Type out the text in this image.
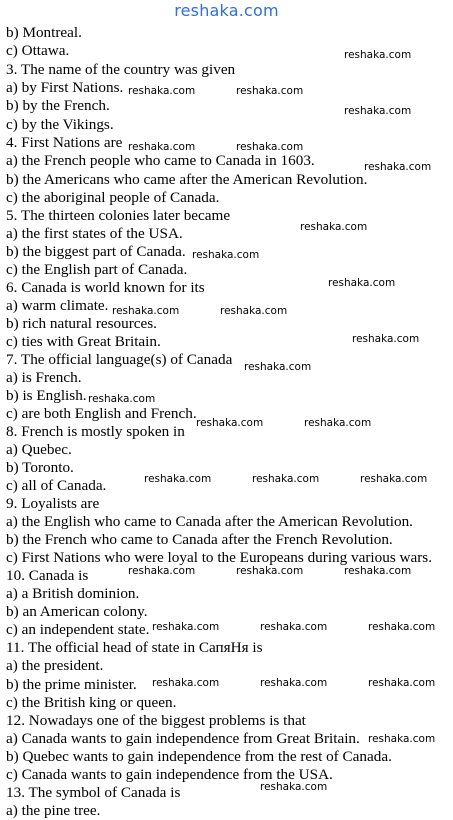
reshaka.com
b) Montreal.
c) Ottawa.
3. The name of the country was given
a) by First Nations.
b) by the French.
c) by the Vikings.
4. First Nations are
a) the French people who came to Canada in 1603.
b) the Americans who came after the American Revolution.
c) the aboriginal people of Canada.
5. The thirteen colonies later became
a) the first states of the USA.
b) the biggest part of Canada.
c) the English part of Canada.
6. Canada is world known for its
a) warm climate.
b) rich natural resources.
c) ties with Great Britain.
7. The official language(s) of Canada
a) is French.
b) is English.
c) are both English and French.
8. French is mostly spoken in
a) Quebec.
b) Toronto.
c) all of Canada.
9. Loyalists are
a) the English who came to Canada after the American Revolution.
b) the French who came to Canada after the French Revolution.
c) First Nations who were loyal to the Europeans during various wars.
10. Canada is
a) a British dominion.
b) an American colony.
c) an independent state.
11. The official head of state in СапяНя is
a) the president.
b) the prime minister.
c) the British king or queen.
12. Nowadays one of the biggest problems is that
a) Canada wants to gain independence from Great Britain.
b) Quebec wants to gain independence from the rest of Canada.
c) Canada wants to gain independence from the USA.
13. The symbol of Canada is
a) the pine tree.
reshaka.com
reshaka.com	reshaka.com
reshaka.com
reshaka.com	reshaka.com
reshaka.com
reshaka.com
reshaka.com
reshaka.com
reshaka.com	reshaka.com
reshaka.com
reshaka.com
reshaka.com
reshaka.com	reshaka.com
reshaka.com	reshaka.com	reshaka.com
reshaka.com	reshaka.com	reshaka.com
reshaka.com	reshaka.com	reshaka.com
reshaka.com	reshaka.com	reshaka.com
reshaka.com
reshaka.com
